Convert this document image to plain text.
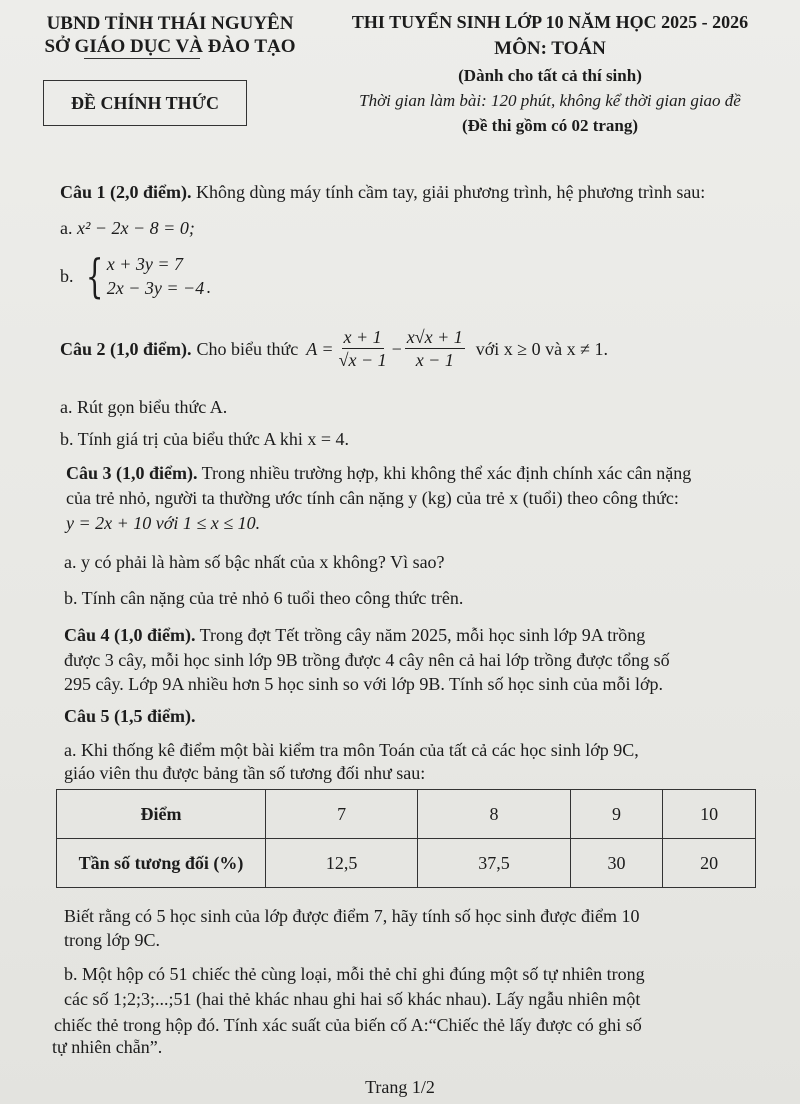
UBND TỈNH THÁI NGUYÊN
SỞ GIÁO DỤC VÀ ĐÀO TẠO
ĐỀ CHÍNH THỨC
THI TUYỂN SINH LỚP 10 NĂM HỌC 2025 - 2026
MÔN: TOÁN
(Dành cho tất cả thí sinh)
Thời gian làm bài: 120 phút, không kể thời gian giao đề
(Đề thi gồm có 02 trang)
Câu 1 (2,0 điểm). Không dùng máy tính cầm tay, giải phương trình, hệ phương trình sau:
a. x² − 2x − 8 = 0;
b. { x + 3y = 7
2x − 3y = −4 .
Câu 2 (1,0 điểm). Cho biểu thức $A = \frac{x + 1}{√x - 1} - \frac{x√x + 1}{x - 1}$ với x ≥ 0 và x ≠ 1.
a. Rút gọn biểu thức A.
b. Tính giá trị của biểu thức A khi x = 4.
Câu 3 (1,0 điểm). Trong nhiều trường hợp, khi không thể xác định chính xác cân nặng
của trẻ nhỏ, người ta thường ước tính cân nặng y (kg) của trẻ x (tuổi) theo công thức:
y = 2x + 10 với 1 ≤ x ≤ 10.
a. y có phải là hàm số bậc nhất của x không? Vì sao?
b. Tính cân nặng của trẻ nhỏ 6 tuổi theo công thức trên.
Câu 4 (1,0 điểm). Trong đợt Tết trồng cây năm 2025, mỗi học sinh lớp 9A trồng
được 3 cây, mỗi học sinh lớp 9B trồng được 4 cây nên cả hai lớp trồng được tổng số
295 cây. Lớp 9A nhiều hơn 5 học sinh so với lớp 9B. Tính số học sinh của mỗi lớp.
Câu 5 (1,5 điểm).
a. Khi thống kê điểm một bài kiểm tra môn Toán của tất cả các học sinh lớp 9C,
giáo viên thu được bảng tần số tương đối như sau:
Điểm	7	8	9	10
Tần số tương đối (%)	12,5	37,5	30	20
Biết rằng có 5 học sinh của lớp được điểm 7, hãy tính số học sinh được điểm 10
trong lớp 9C.
b. Một hộp có 51 chiếc thẻ cùng loại, mỗi thẻ chỉ ghi đúng một số tự nhiên trong
các số 1;2;3;...;51 (hai thẻ khác nhau ghi hai số khác nhau). Lấy ngẫu nhiên một
chiếc thẻ trong hộp đó. Tính xác suất của biến cố A:“Chiếc thẻ lấy được có ghi số
tự nhiên chẵn”.
Trang 1/2
